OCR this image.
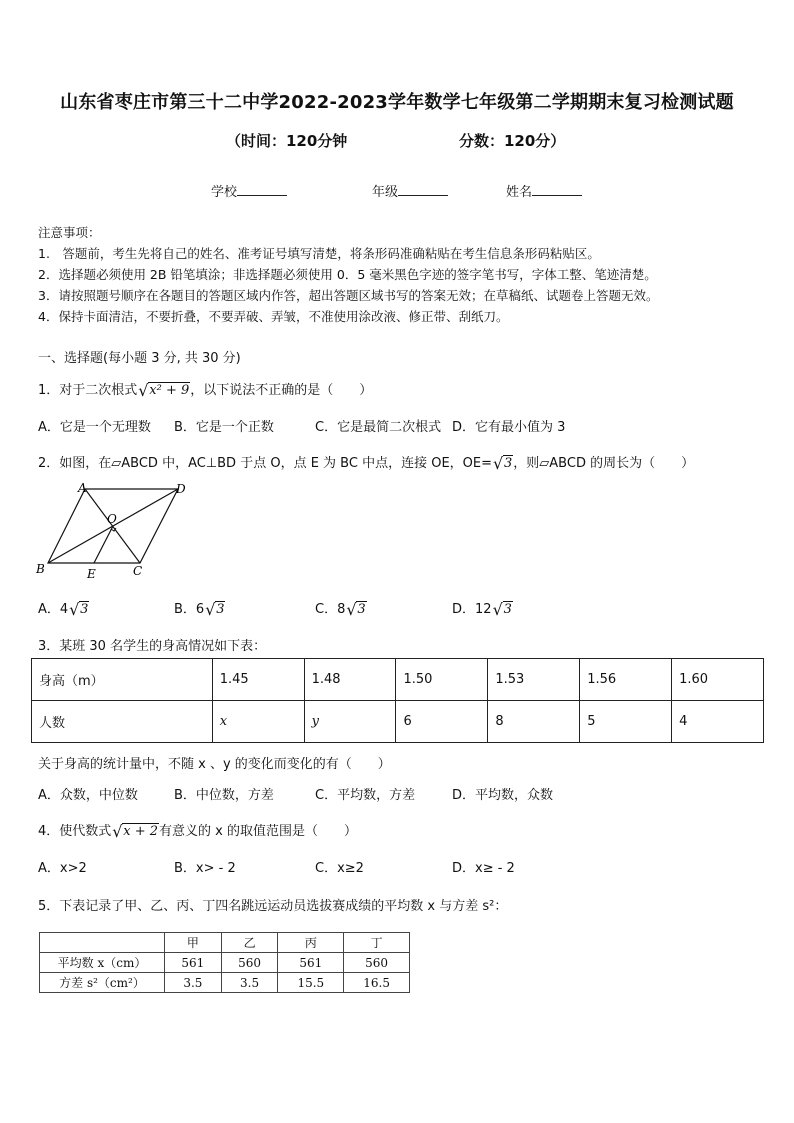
山东省枣庄市第三十二中学2022-2023学年数学七年级第二学期期末复习检测试题
（时间：120分钟	分数：120分）
学校	年级	姓名
注意事项：
1.　答题前，考生先将自己的姓名、准考证号填写清楚，将条形码准确粘贴在考生信息条形码粘贴区。
2．选择题必须使用 2B 铅笔填涂；非选择题必须使用 0．5 毫米黑色字迹的签字笔书写，字体工整、笔迹清楚。
3．请按照题号顺序在各题目的答题区域内作答，超出答题区域书写的答案无效；在草稿纸、试题卷上答题无效。
4．保持卡面清洁，不要折叠，不要弄破、弄皱，不准使用涂改液、修正带、刮纸刀。
一、选择题(每小题 3 分, 共 30 分)
1．对于二次根式 √ x² + 9，以下说法不正确的是（　　）
A．它是一个无理数 B．它是一个正数	C．它是最简二次根式 D．它有最小值为 3
2．如图，在▱ABCD 中，AC⊥BD 于点 O，点 E 为 BC 中点，连接 OE，OE= √ 3，则▱ABCD 的周长为（　　）
A	D
O
B	E	C
A．4 √ 3	B．6 √ 3	C．8 √ 3	D．12 √ 3
3．某班 30 名学生的身高情况如下表：
身高（m）	1.45	1.48	1.50	1.53	1.56	1.60
人数	x	y	6	8	5	4
关于身高的统计量中，不随 x 、y 的变化而变化的有（　　）
A．众数，中位数	B．中位数，方差	C．平均数，方差	D．平均数，众数
4．使代数式 √ x + 2有意义的 x 的取值范围是（　　）
A．x>2	B．x> - 2	C．x≥2	D．x≥ - 2
5．下表记录了甲、乙、丙、丁四名跳远运动员选拔赛成绩的平均数 x 与方差 s²：
	甲	乙	丙	丁
平均数 x（cm）	561	560	561	560
方差 s²（cm²）	3.5	3.5	15.5	16.5
